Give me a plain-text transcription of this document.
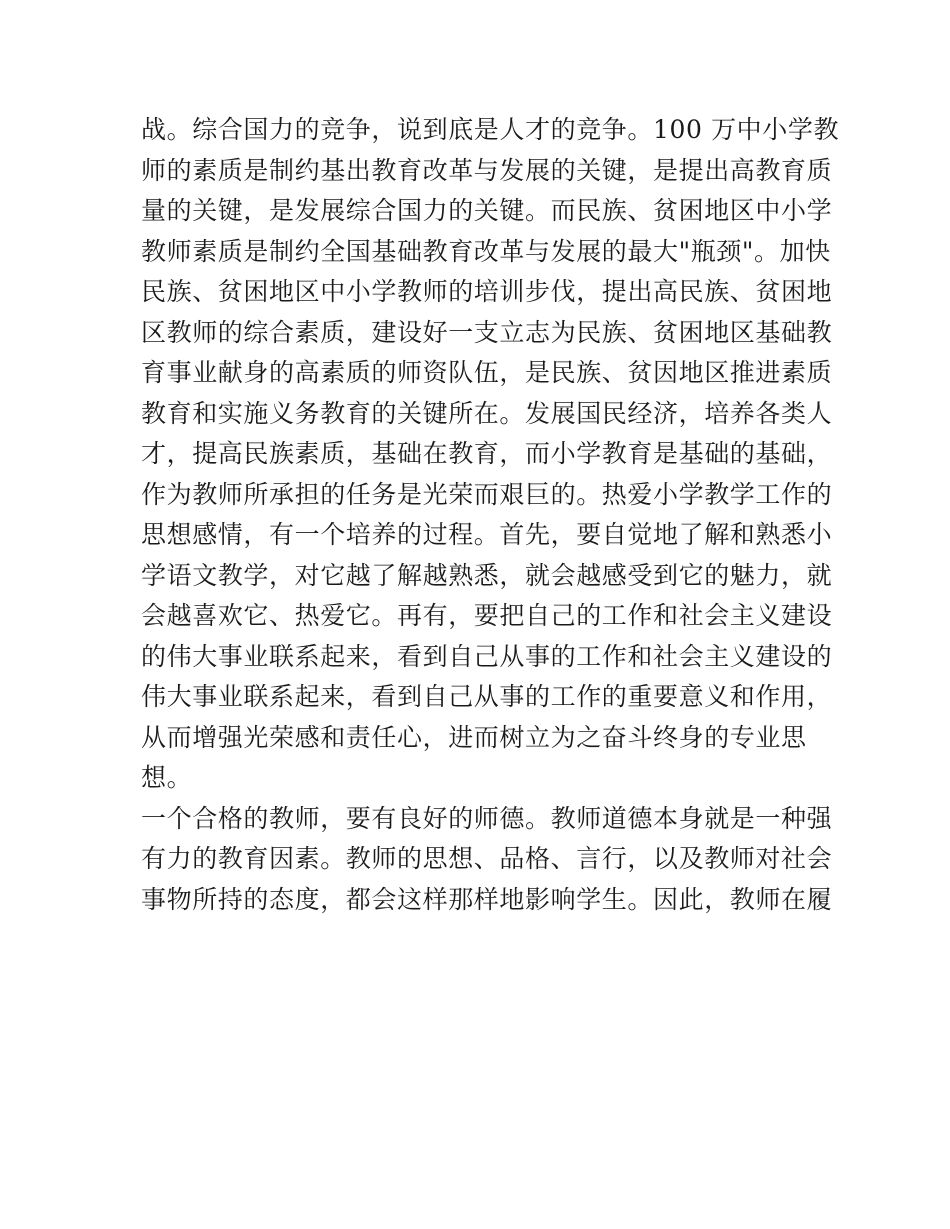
战。综合国力的竞争，说到底是人才的竞争。100 万中小学教
师的素质是制约基出教育改革与发展的关键，是提出高教育质
量的关键，是发展综合国力的关键。而民族、贫困地区中小学
教师素质是制约全国基础教育改革与发展的最大"瓶颈"。加快
民族、贫困地区中小学教师的培训步伐，提出高民族、贫困地
区教师的综合素质，建设好一支立志为民族、贫困地区基础教
育事业献身的高素质的师资队伍，是民族、贫因地区推进素质
教育和实施义务教育的关键所在。发展国民经济，培养各类人
才，提高民族素质，基础在教育，而小学教育是基础的基础，
作为教师所承担的任务是光荣而艰巨的。热爱小学教学工作的
思想感情，有一个培养的过程。首先，要自觉地了解和熟悉小
学语文教学，对它越了解越熟悉，就会越感受到它的魅力，就
会越喜欢它、热爱它。再有，要把自己的工作和社会主义建设
的伟大事业联系起来，看到自己从事的工作和社会主义建设的
伟大事业联系起来，看到自己从事的工作的重要意义和作用，
从而增强光荣感和责任心，进而树立为之奋斗终身的专业思
想。
一个合格的教师，要有良好的师德。教师道德本身就是一种强
有力的教育因素。教师的思想、品格、言行，以及教师对社会
事物所持的态度，都会这样那样地影响学生。因此，教师在履
